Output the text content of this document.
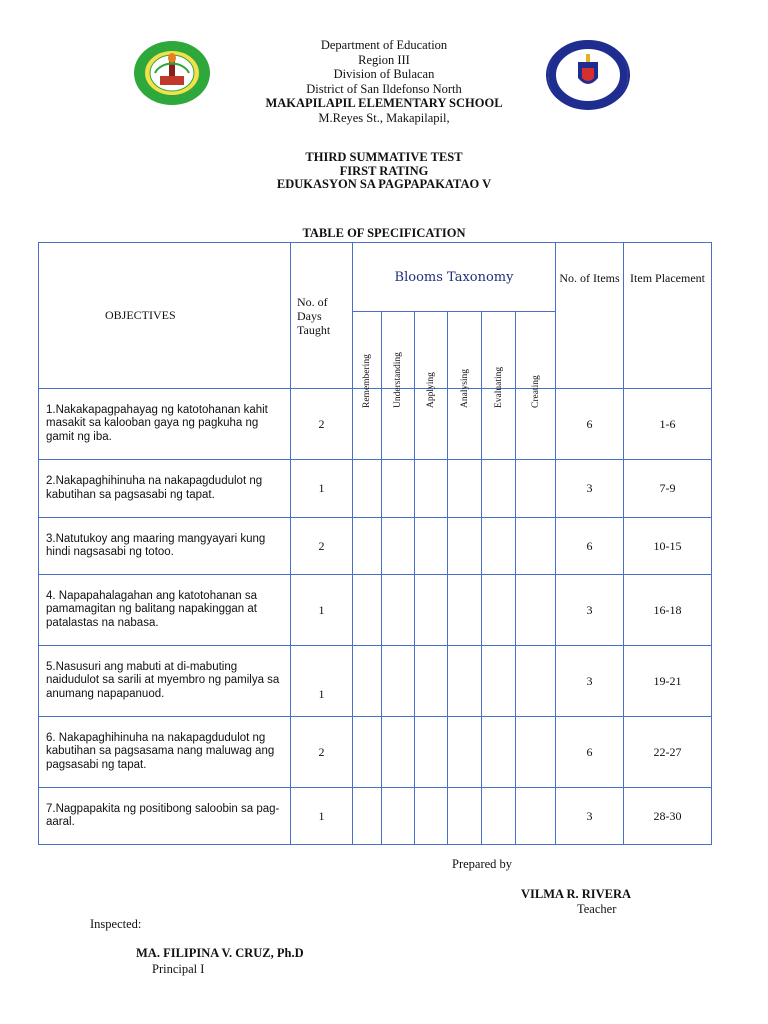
Department of Education
Region III
Division of Bulacan
District of San Ildefonso North
MAKAPILAPIL ELEMENTARY SCHOOL
M.Reyes St., Makapilapil,
THIRD SUMMATIVE TEST
FIRST RATING
EDUKASYON SA PAGPAPAKATAO V
TABLE OF SPECIFICATION
OBJECTIVES	No. of Days Taught	Blooms Taxonomy						No. of Items	Item Placement

		Remembering	Understanding	Applying	Analysing	Evaluating	Creating		

1.Nakakapagpahayag ng katotohanan kahit masakit sa kalooban gaya ng pagkuha ng gamit ng iba.	2							6	1-6
2.Nakapaghihinuha na nakapagdudulot ng kabutihan sa pagsasabi ng tapat.	1							3	7-9
3.Natutukoy ang maaring mangyayari kung hindi nagsasabi ng totoo.	2							6	10-15
4. Napapahalagahan ang katotohanan sa pamamagitan ng balitang napakinggan at patalastas na nabasa.	1							3	16-18
5.Nasusuri ang mabuti at di-mabuting naidudulot sa sarili at myembro ng pamilya sa anumang napapanuod.	1							3	19-21
6. Nakapaghihinuha na nakapagdudulot ng kabutihan sa pagsasama nang maluwag ang pagsasabi ng tapat.	2							6	22-27
7.Nagpapakita ng positibong saloobin sa pag-aaral.	1							3	28-30
Prepared by
VILMA R. RIVERA
Teacher
Inspected:
MA. FILIPINA V. CRUZ, Ph.D
Principal I
